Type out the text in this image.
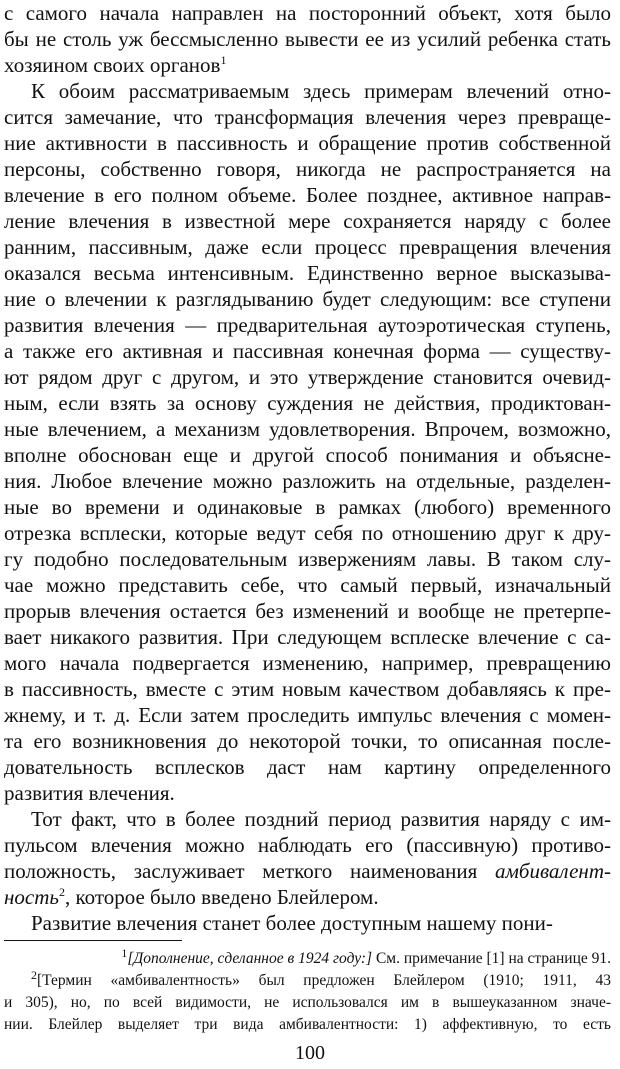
с самого начала направлен на посторонний объект, хотя было
бы не столь уж бессмысленно вывести ее из усилий ребенка стать
хозяином своих органов$^1$
К обоим рассматриваемым здесь примерам влечений отно-
сится замечание, что трансформация влечения через превраще-
ние активности в пассивность и обращение против собственной
персоны, собственно говоря, никогда не распространяется на
влечение в его полном объеме. Более позднее, активное направ-
ление влечения в известной мере сохраняется наряду с более
ранним, пассивным, даже если процесс превращения влечения
оказался весьма интенсивным. Единственно верное высказыва-
ние о влечении к разглядыванию будет следующим: все ступени
развития влечения — предварительная аутоэротическая ступень,
а также его активная и пассивная конечная форма — существу-
ют рядом друг с другом, и это утверждение становится очевид-
ным, если взять за основу суждения не действия, продиктован-
ные влечением, а механизм удовлетворения. Впрочем, возможно,
вполне обоснован еще и другой способ понимания и объясне-
ния. Любое влечение можно разложить на отдельные, разделен-
ные во времени и одинаковые в рамках (любого) временного
отрезка всплески, которые ведут себя по отношению друг к дру-
гу подобно последовательным извержениям лавы. В таком слу-
чае можно представить себе, что самый первый, изначальный
прорыв влечения остается без изменений и вообще не претерпе-
вает никакого развития. При следующем всплеске влечение с са-
мого начала подвергается изменению, например, превращению
в пассивность, вместе с этим новым качеством добавляясь к пре-
жнему, и т. д. Если затем проследить импульс влечения с момен-
та его возникновения до некоторой точки, то описанная после-
довательность всплесков даст нам картину определенного
развития влечения.
Тот факт, что в более поздний период развития наряду с им-
пульсом влечения можно наблюдать его (пассивную) противо-
положность, заслуживает меткого наименования амбивалент-
ность$^2$, которое было введено Блейлером.
Развитие влечения станет более доступным нашему пони-
$^1$[Дополнение, сделанное в 1924 году:] См. примечание [1] на странице 91.
$^2$[Термин «амбивалентность» был предложен Блейлером (1910; 1911, 43
и 305), но, по всей видимости, не использовался им в вышеуказанном значе-
100
нии. Блейлер выделяет три вида амбивалентности: 1) аффективную, то есть
